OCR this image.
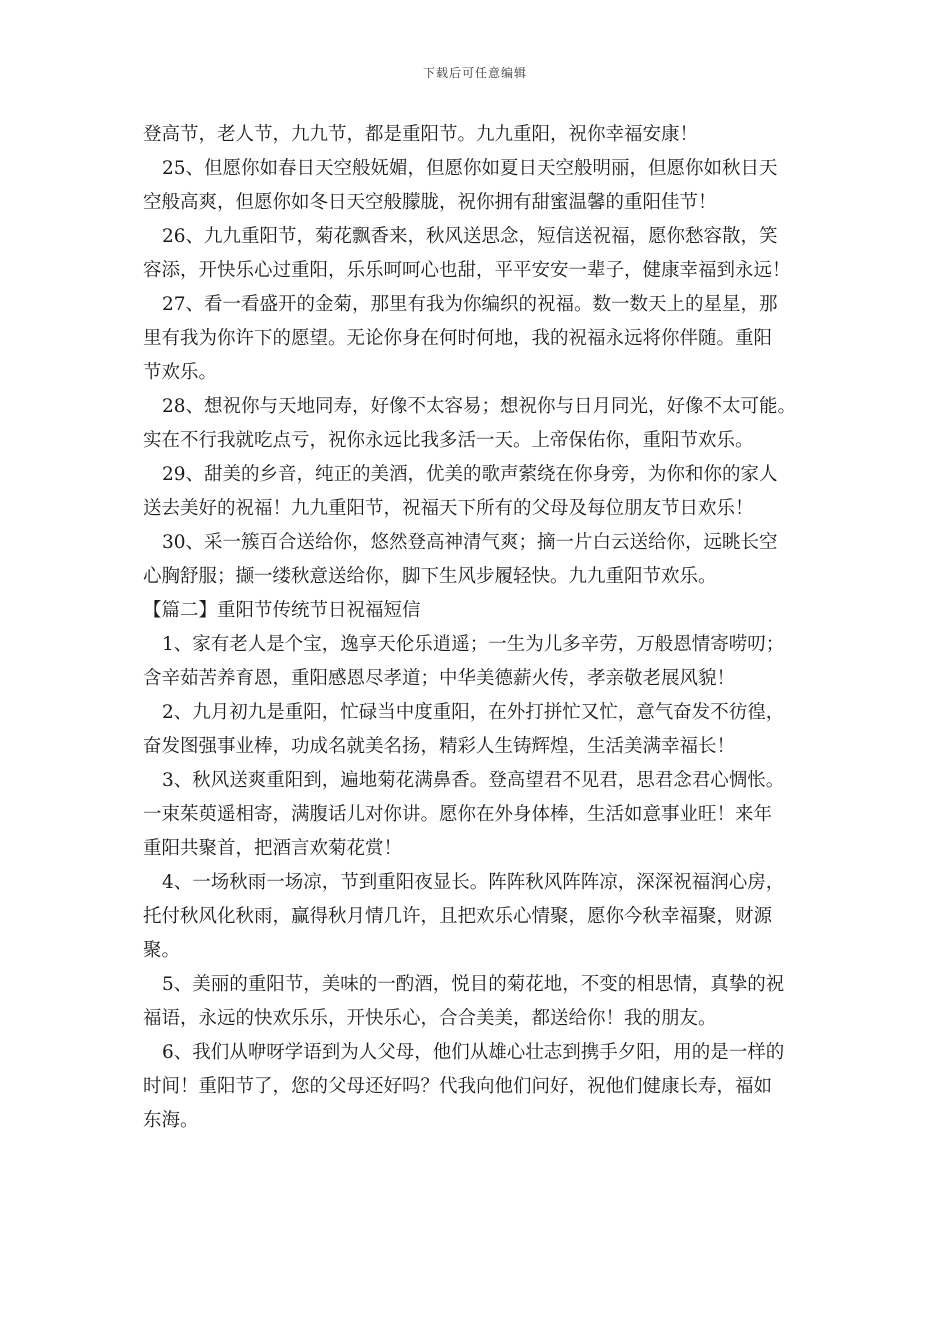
下载后可任意编辑
登高节，老人节，九九节，都是重阳节。九九重阳，祝你幸福安康！
25、但愿你如春日天空般妩媚，但愿你如夏日天空般明丽，但愿你如秋日天
空般高爽，但愿你如冬日天空般朦胧，祝你拥有甜蜜温馨的重阳佳节！
26、九九重阳节，菊花飘香来，秋风送思念，短信送祝福，愿你愁容散，笑
容添，开快乐心过重阳，乐乐呵呵心也甜，平平安安一辈子，健康幸福到永远！
27、看一看盛开的金菊，那里有我为你编织的祝福。数一数天上的星星，那
里有我为你许下的愿望。无论你身在何时何地，我的祝福永远将你伴随。重阳
节欢乐。
28、想祝你与天地同寿，好像不太容易；想祝你与日月同光，好像不太可能。
实在不行我就吃点亏，祝你永远比我多活一天。上帝保佑你，重阳节欢乐。
29、甜美的乡音，纯正的美酒，优美的歌声萦绕在你身旁，为你和你的家人
送去美好的祝福！九九重阳节，祝福天下所有的父母及每位朋友节日欢乐！
30、采一簇百合送给你，悠然登高神清气爽；摘一片白云送给你，远眺长空
心胸舒服；撷一缕秋意送给你，脚下生风步履轻快。九九重阳节欢乐。
【篇二】重阳节传统节日祝福短信
1、家有老人是个宝，逸享天伦乐逍遥；一生为儿多辛劳，万般恩情寄唠叨；
含辛茹苦养育恩，重阳感恩尽孝道；中华美德薪火传，孝亲敬老展风貌！
2、九月初九是重阳，忙碌当中度重阳，在外打拼忙又忙，意气奋发不彷徨，
奋发图强事业棒，功成名就美名扬，精彩人生铸辉煌，生活美满幸福长！
3、秋风送爽重阳到，遍地菊花满鼻香。登高望君不见君，思君念君心惆怅。
一束茱萸遥相寄，满腹话儿对你讲。愿你在外身体棒，生活如意事业旺！来年
重阳共聚首，把酒言欢菊花赏！
4、一场秋雨一场凉，节到重阳夜显长。阵阵秋风阵阵凉，深深祝福润心房，
托付秋风化秋雨，赢得秋月情几许，且把欢乐心情聚，愿你今秋幸福聚，财源
聚。
5、美丽的重阳节，美味的一酌酒，悦目的菊花地，不变的相思情，真挚的祝
福语，永远的快欢乐乐，开快乐心，合合美美，都送给你！我的朋友。
6、我们从咿呀学语到为人父母，他们从雄心壮志到携手夕阳，用的是一样的
时间！重阳节了，您的父母还好吗？代我向他们问好，祝他们健康长寿，福如
东海。
